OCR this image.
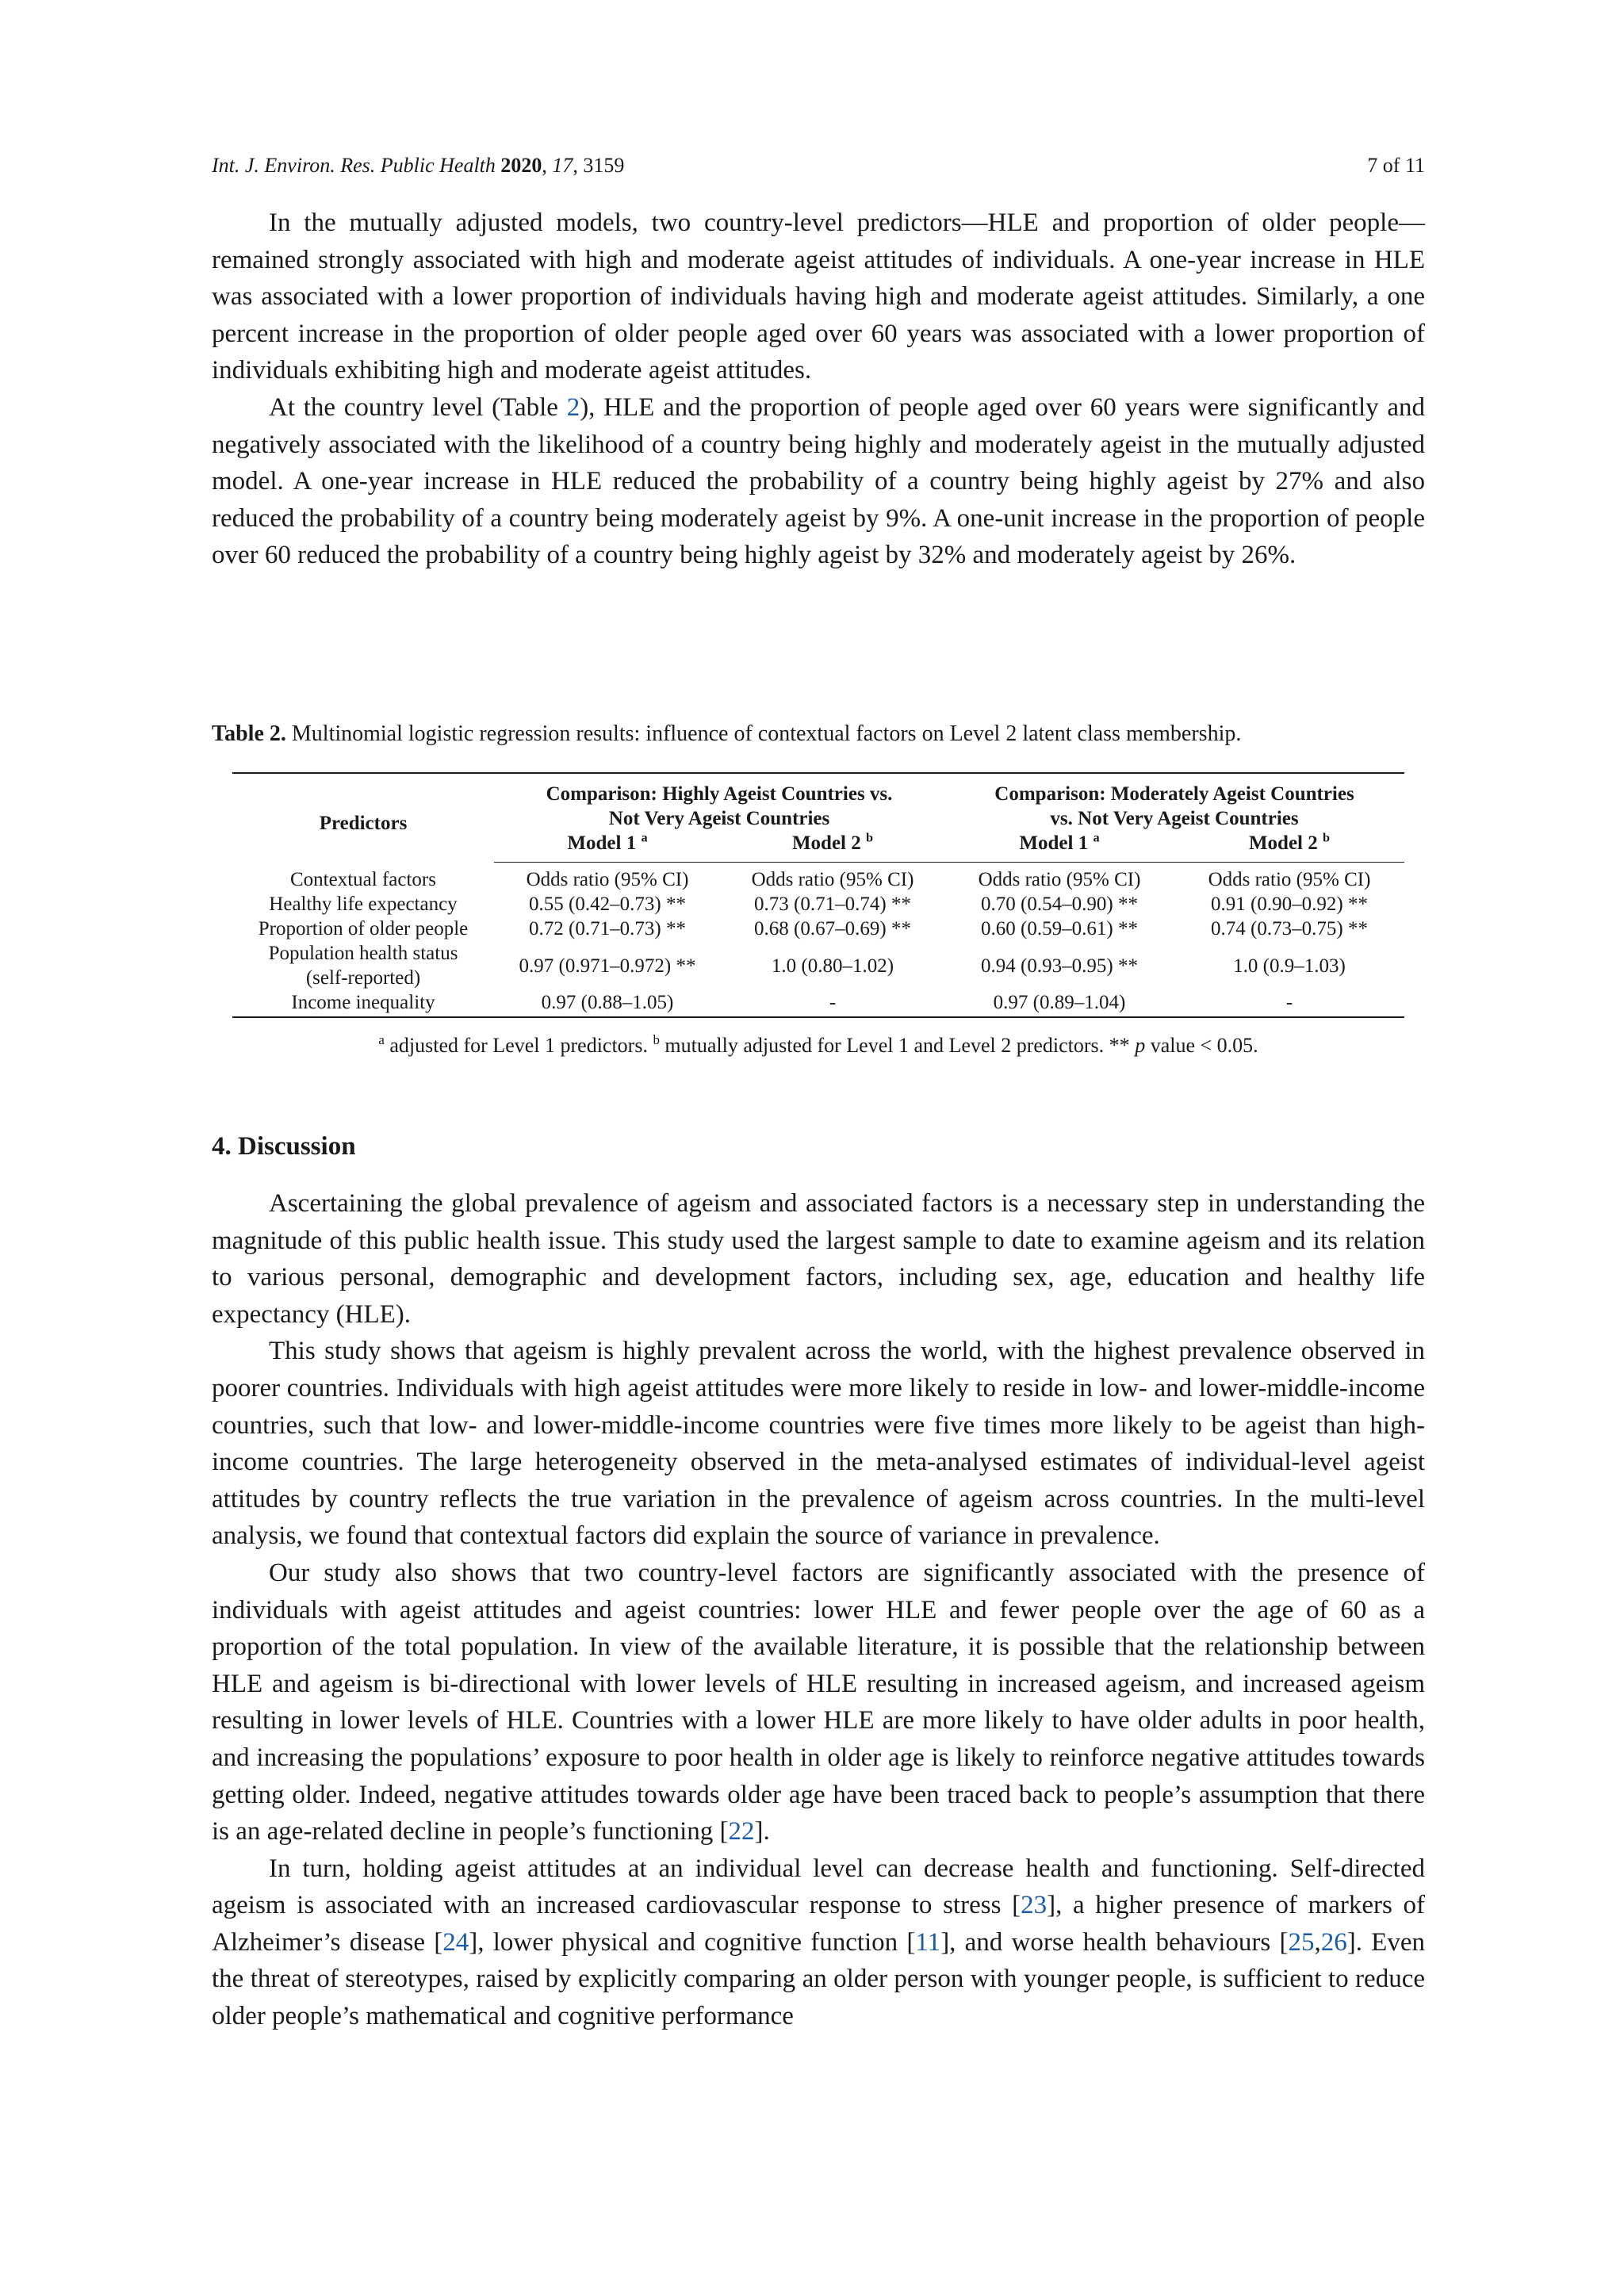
Int. J. Environ. Res. Public Health 2020, 17, 3159	7 of 11

In the mutually adjusted models, two country-level predictors—HLE and proportion of older people—remained strongly associated with high and moderate ageist attitudes of individuals. A one-year increase in HLE was associated with a lower proportion of individuals having high and moderate ageist attitudes. Similarly, a one percent increase in the proportion of older people aged over 60 years was associated with a lower proportion of individuals exhibiting high and moderate ageist attitudes.

At the country level (Table 2), HLE and the proportion of people aged over 60 years were significantly and negatively associated with the likelihood of a country being highly and moderately ageist in the mutually adjusted model. A one-year increase in HLE reduced the probability of a country being highly ageist by 27% and also reduced the probability of a country being moderately ageist by 9%. A one-unit increase in the proportion of people over 60 reduced the probability of a country being highly ageist by 32% and moderately ageist by 26%.

Table 2. Multinomial logistic regression results: influence of contextual factors on Level 2 latent class membership.
Predictors	Comparison: Highly Ageist Countries vs.
Not Very Ageist Countries		Comparison: Moderately Ageist Countries
vs. Not Very Ageist Countries	
	Model 1 $^a$	Model 2 $^b$	Model 1 $^a$	Model 2 $^b$
Contextual factors	Odds ratio (95% CI)	Odds ratio (95% CI)	Odds ratio (95% CI)	Odds ratio (95% CI)
Healthy life expectancy	0.55 (0.42–0.73) **	0.73 (0.71–0.74) **	0.70 (0.54–0.90) **	0.91 (0.90–0.92) **
Proportion of older people	0.72 (0.71–0.73) **	0.68 (0.67–0.69) **	0.60 (0.59–0.61) **	0.74 (0.73–0.75) **
Population health status
(self-reported)	0.97 (0.971–0.972) **	1.0 (0.80–1.02)	0.94 (0.93–0.95) **	1.0 (0.9–1.03)
Income inequality	0.97 (0.88–1.05)	-	0.97 (0.89–1.04)	-
$^a$ adjusted for Level 1 predictors. $^b$ mutually adjusted for Level 1 and Level 2 predictors. ** p value < 0.05.
4. Discussion

Ascertaining the global prevalence of ageism and associated factors is a necessary step in understanding the magnitude of this public health issue. This study used the largest sample to date to examine ageism and its relation to various personal, demographic and development factors, including sex, age, education and healthy life expectancy (HLE).

This study shows that ageism is highly prevalent across the world, with the highest prevalence observed in poorer countries. Individuals with high ageist attitudes were more likely to reside in low- and lower-middle-income countries, such that low- and lower-middle-income countries were five times more likely to be ageist than high-income countries. The large heterogeneity observed in the meta-analysed estimates of individual-level ageist attitudes by country reflects the true variation in the prevalence of ageism across countries. In the multi-level analysis, we found that contextual factors did explain the source of variance in prevalence.

Our study also shows that two country-level factors are significantly associated with the presence of individuals with ageist attitudes and ageist countries: lower HLE and fewer people over the age of 60 as a proportion of the total population. In view of the available literature, it is possible that the relationship between HLE and ageism is bi-directional with lower levels of HLE resulting in increased ageism, and increased ageism resulting in lower levels of HLE. Countries with a lower HLE are more likely to have older adults in poor health, and increasing the populations’ exposure to poor health in older age is likely to reinforce negative attitudes towards getting older. Indeed, negative attitudes towards older age have been traced back to people’s assumption that there is an age-related decline in people’s functioning [22].

In turn, holding ageist attitudes at an individual level can decrease health and functioning. Self-directed ageism is associated with an increased cardiovascular response to stress [23], a higher presence of markers of Alzheimer’s disease [24], lower physical and cognitive function [11], and worse health behaviours [25,26]. Even the threat of stereotypes, raised by explicitly comparing an older person with younger people, is sufficient to reduce older people’s mathematical and cognitive performance
